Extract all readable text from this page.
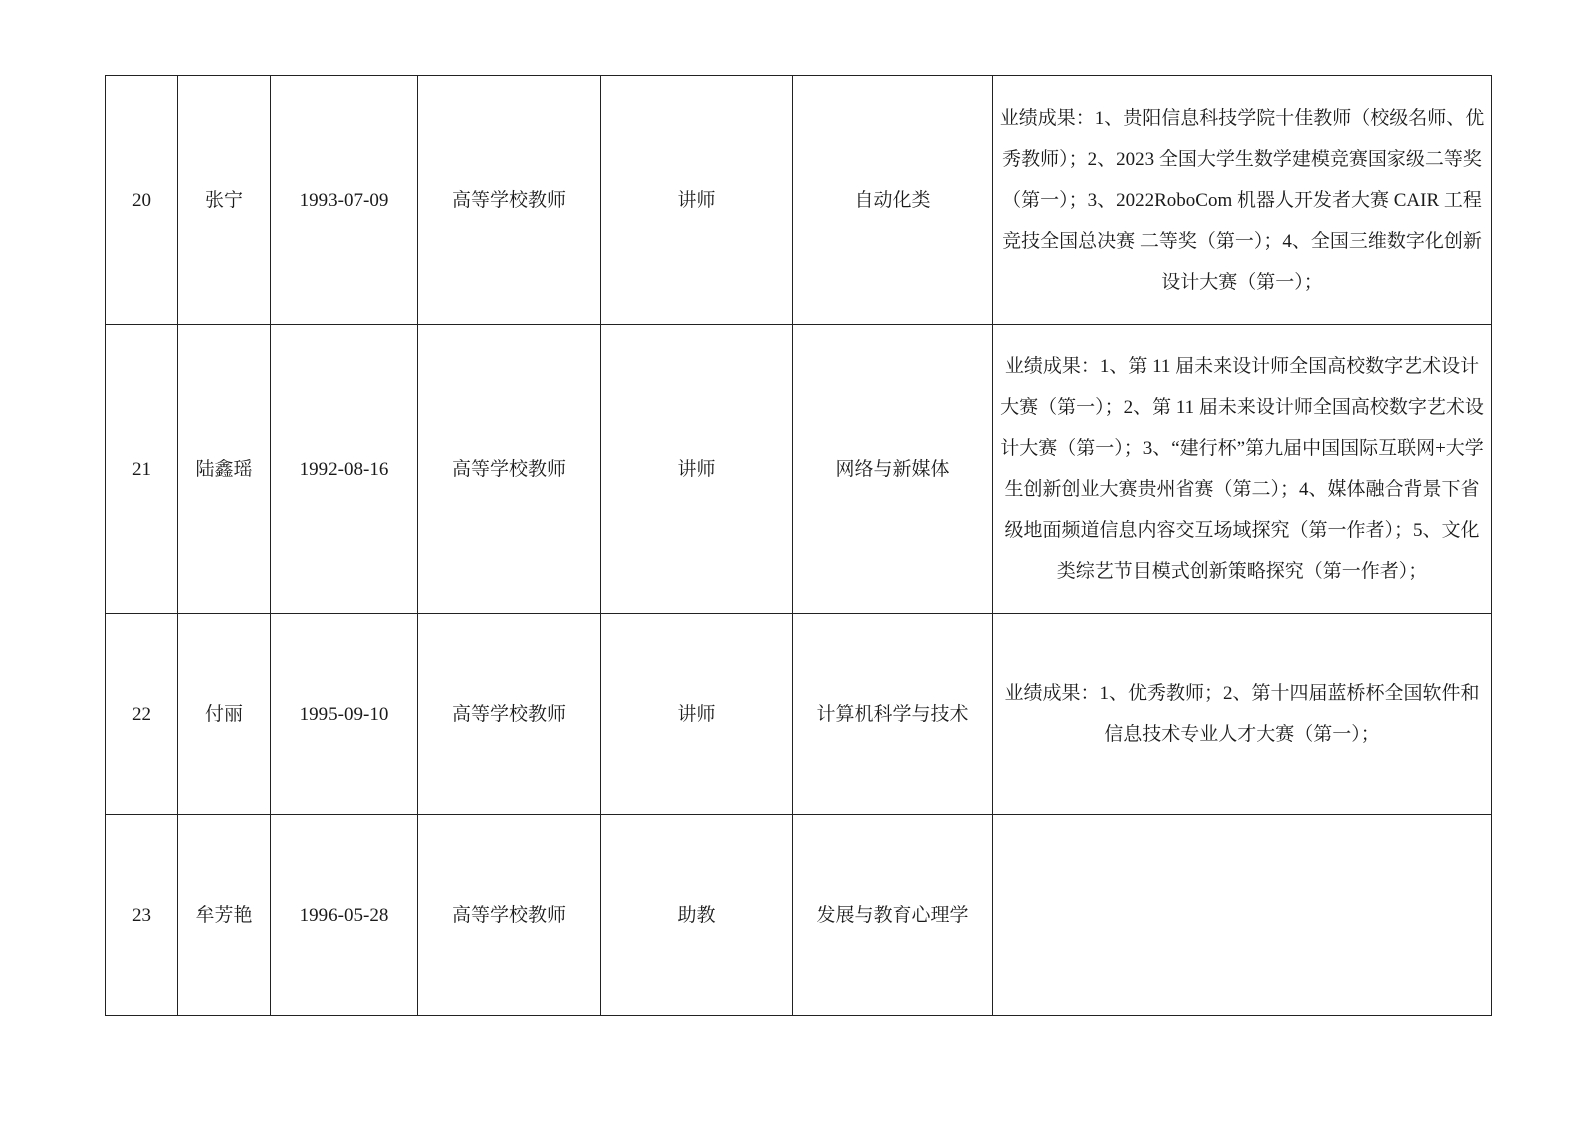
20	张宁	1993-07-09	高等学校教师	讲师	自动化类	业绩成果：1、贵阳信息科技学院十佳教师（校级名师、优秀教师）；2、2023 全国大学生数学建模竞赛国家级二等奖（第一）；3、2022RoboCom 机器人开发者大赛 CAIR 工程竞技全国总决赛 二等奖（第一）；4、全国三维数字化创新设计大赛（第一）；
21	陆鑫瑶	1992-08-16	高等学校教师	讲师	网络与新媒体	业绩成果：1、第 11 届未来设计师全国高校数字艺术设计大赛（第一）；2、第 11 届未来设计师全国高校数字艺术设计大赛（第一）；3、“建行杯”第九届中国国际互联网+大学生创新创业大赛贵州省赛（第二）；4、媒体融合背景下省级地面频道信息内容交互场域探究（第一作者）；5、文化类综艺节目模式创新策略探究（第一作者）；
22	付丽	1995-09-10	高等学校教师	讲师	计算机科学与技术	业绩成果：1、优秀教师；2、第十四届蓝桥杯全国软件和信息技术专业人才大赛（第一）；
23	牟芳艳	1996-05-28	高等学校教师	助教	发展与教育心理学	
